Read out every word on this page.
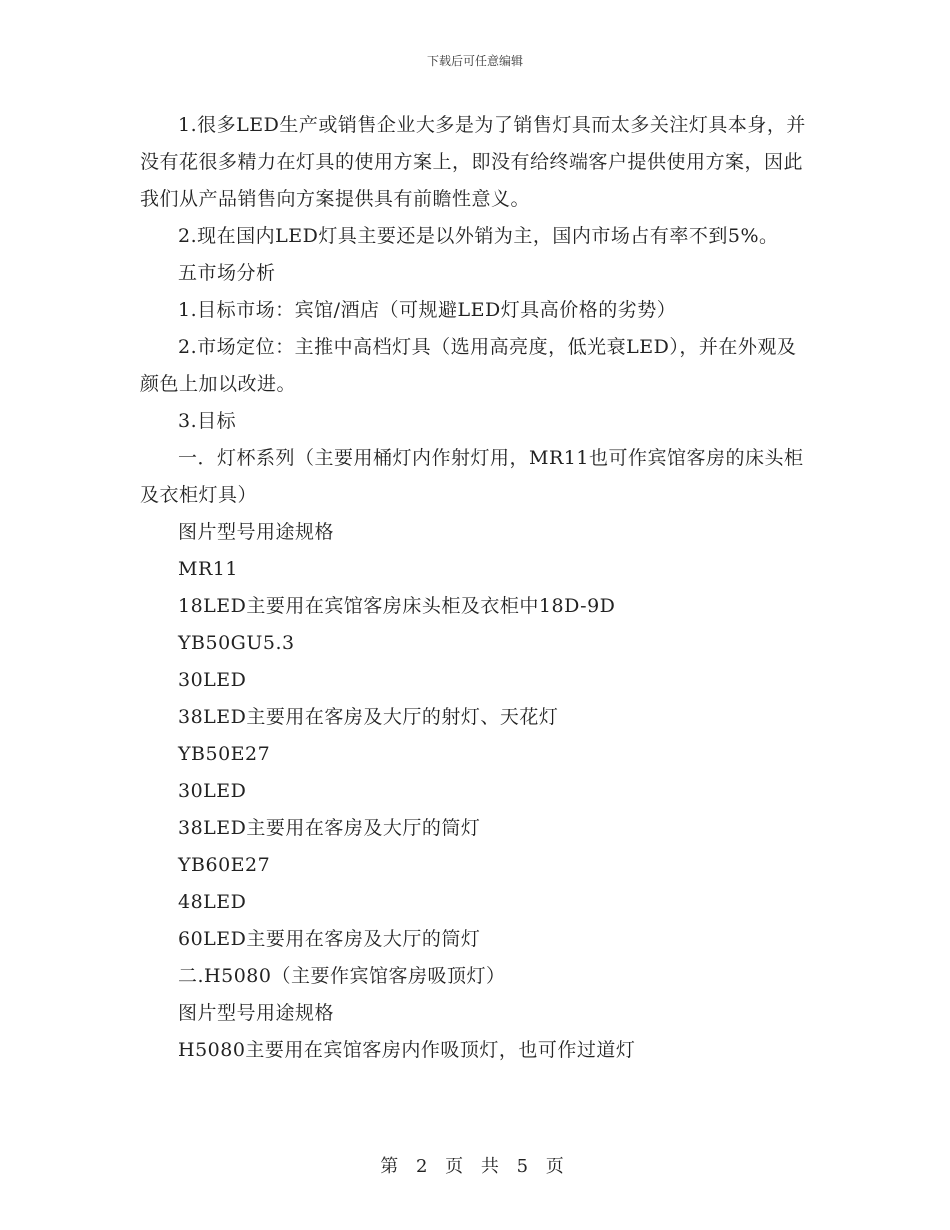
下载后可任意编辑

1.很多LED生产或销售企业大多是为了销售灯具而太多关注灯具本身，并没有花很多精力在灯具的使用方案上，即没有给终端客户提供使用方案，因此我们从产品销售向方案提供具有前瞻性意义。

2.现在国内LED灯具主要还是以外销为主，国内市场占有率不到5%。

五市场分析

1.目标市场：宾馆/酒店（可规避LED灯具高价格的劣势）

2.市场定位：主推中高档灯具（选用高亮度，低光衰LED），并在外观及颜色上加以改进。

3.目标

一．灯杯系列（主要用桶灯内作射灯用，MR11也可作宾馆客房的床头柜及衣柜灯具）

图片型号用途规格

MR11

18LED主要用在宾馆客房床头柜及衣柜中18D-9D

YB50GU5.3

30LED

38LED主要用在客房及大厅的射灯、天花灯

YB50E27

30LED

38LED主要用在客房及大厅的筒灯

YB60E27

48LED

60LED主要用在客房及大厅的筒灯

二.H5080（主要作宾馆客房吸顶灯）

图片型号用途规格

H5080主要用在宾馆客房内作吸顶灯，也可作过道灯

第 2 页 共 5 页
